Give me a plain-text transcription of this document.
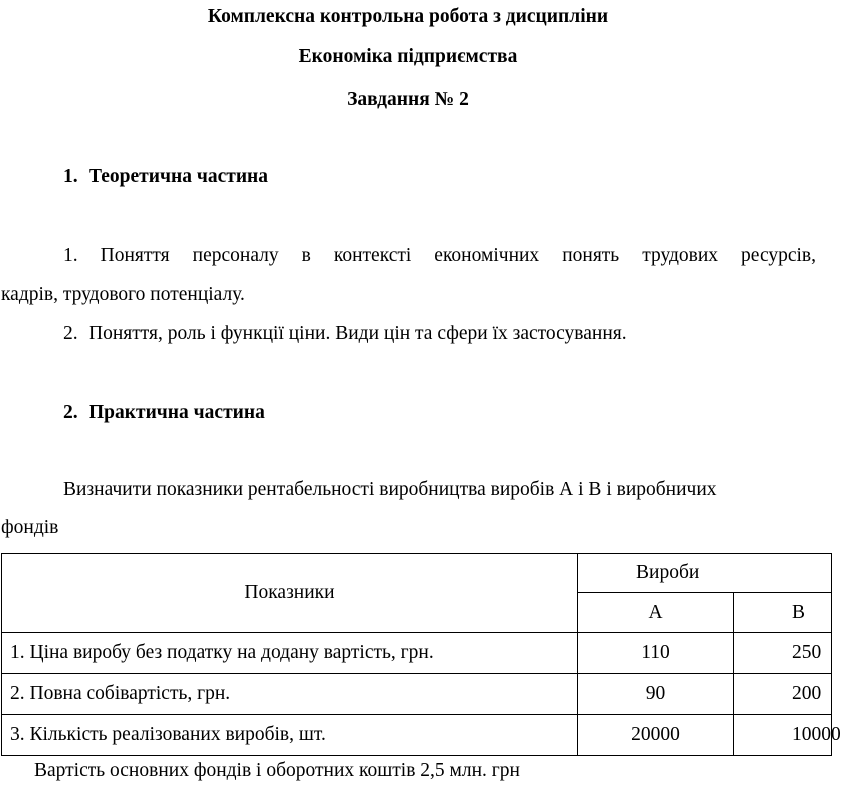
Комплексна контрольна робота з дисципліни
Економіка підприємства
Завдання № 2
1. Теоретична частина
1. Поняття персоналу в контексті економічних понять трудових ресурсів,
кадрів, трудового потенціалу.
2. Поняття, роль і функції ціни. Види цін та сфери їх застосування.
2. Практична частина
Визначити показники рентабельності виробництва виробів А і В і виробничих
фондів
Показники	Вироби	
	А	В
1. Ціна виробу без податку на додану вартість, грн.	110	250
2. Повна собівартість, грн.	90	200
3. Кількість реалізованих виробів, шт.	20000	10000
Вартість основних фондів і оборотних коштів 2,5 млн. грн
